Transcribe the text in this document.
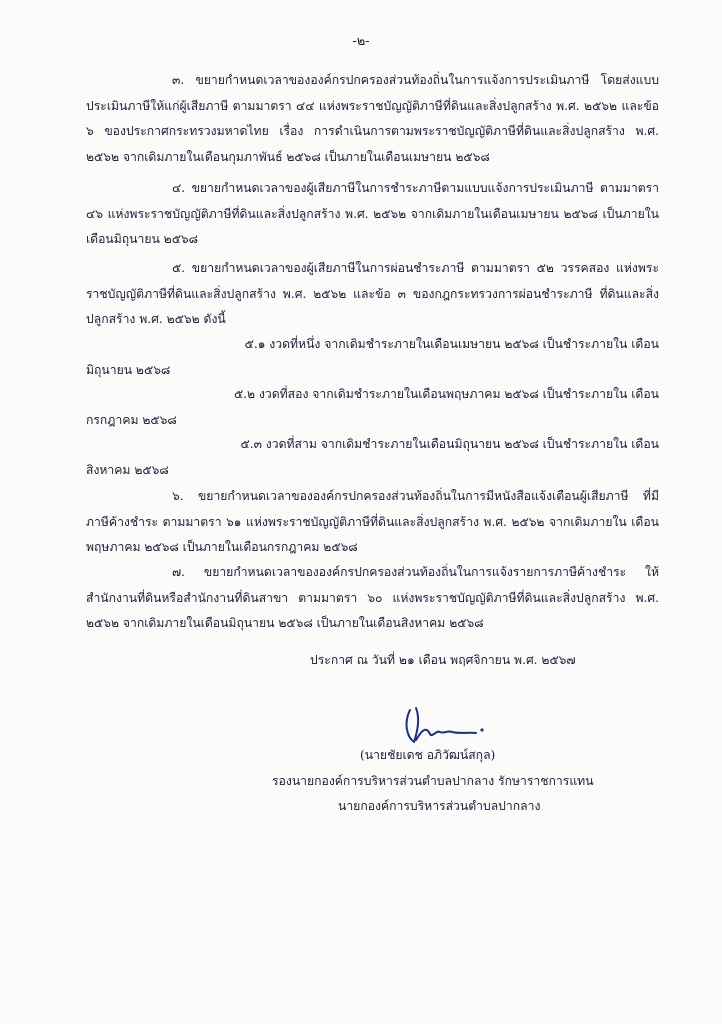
-๒-
๓. ขยายกำหนดเวลาขององค์กรปกครองส่วนท้องถิ่นในการแจ้งการประเมินภาษี โดยส่งแบบประเมินภาษีให้แก่ผู้เสียภาษี ตามมาตรา ๔๔ แห่งพระราชบัญญัติภาษีที่ดินและสิ่งปลูกสร้าง พ.ศ. ๒๕๖๒ และข้อ ๖ ของประกาศกระทรวงมหาดไทย เรื่อง การดำเนินการตามพระราชบัญญัติภาษีที่ดินและสิ่งปลูกสร้าง พ.ศ. ๒๕๖๒ จากเดิมภายในเดือนกุมภาพันธ์ ๒๕๖๘ เป็นภายในเดือนเมษายน ๒๕๖๘
๔. ขยายกำหนดเวลาของผู้เสียภาษีในการชำระภาษีตามแบบแจ้งการประเมินภาษี ตามมาตรา ๔๖ แห่งพระราชบัญญัติภาษีที่ดินและสิ่งปลูกสร้าง พ.ศ. ๒๕๖๒ จากเดิมภายในเดือนเมษายน ๒๕๖๘ เป็นภายในเดือนมิถุนายน ๒๕๖๘
๕. ขยายกำหนดเวลาของผู้เสียภาษีในการผ่อนชำระภาษี ตามมาตรา ๕๒ วรรคสอง แห่งพระราชบัญญัติภาษีที่ดินและสิ่งปลูกสร้าง พ.ศ. ๒๕๖๒ และข้อ ๓ ของกฎกระทรวงการผ่อนชำระภาษี ที่ดินและสิ่งปลูกสร้าง พ.ศ. ๒๕๖๒ ดังนี้
๕.๑ งวดที่หนึ่ง จากเดิมชำระภายในเดือนเมษายน ๒๕๖๘ เป็นชำระภายใน เดือน
มิถุนายน ๒๕๖๘
๕.๒ งวดที่สอง จากเดิมชำระภายในเดือนพฤษภาคม ๒๕๖๘ เป็นชำระภายใน เดือน
กรกฎาคม ๒๕๖๘
๕.๓ งวดที่สาม จากเดิมชำระภายในเดือนมิถุนายน ๒๕๖๘ เป็นชำระภายใน เดือน
สิงหาคม ๒๕๖๘
๖. ขยายกำหนดเวลาขององค์กรปกครองส่วนท้องถิ่นในการมีหนังสือแจ้งเตือนผู้เสียภาษี ที่มีภาษีค้างชำระ ตามมาตรา ๖๑ แห่งพระราชบัญญัติภาษีที่ดินและสิ่งปลูกสร้าง พ.ศ. ๒๕๖๒ จากเดิมภายใน เดือนพฤษภาคม ๒๕๖๘ เป็นภายในเดือนกรกฎาคม ๒๕๖๘
๗. ขยายกำหนดเวลาขององค์กรปกครองส่วนท้องถิ่นในการแจ้งรายการภาษีค้างชำระ ให้สำนักงานที่ดินหรือสำนักงานที่ดินสาขา ตามมาตรา ๖๐ แห่งพระราชบัญญัติภาษีที่ดินและสิ่งปลูกสร้าง พ.ศ. ๒๕๖๒ จากเดิมภายในเดือนมิถุนายน ๒๕๖๘ เป็นภายในเดือนสิงหาคม ๒๕๖๘
ประกาศ ณ วันที่ ๒๑ เดือน พฤศจิกายน พ.ศ. ๒๕๖๗
(นายชัยเดช อภิวัฒน์สกุล)
รองนายกองค์การบริหารส่วนตำบลปากลาง รักษาราชการแทน
นายกองค์การบริหารส่วนตำบลปากลาง
